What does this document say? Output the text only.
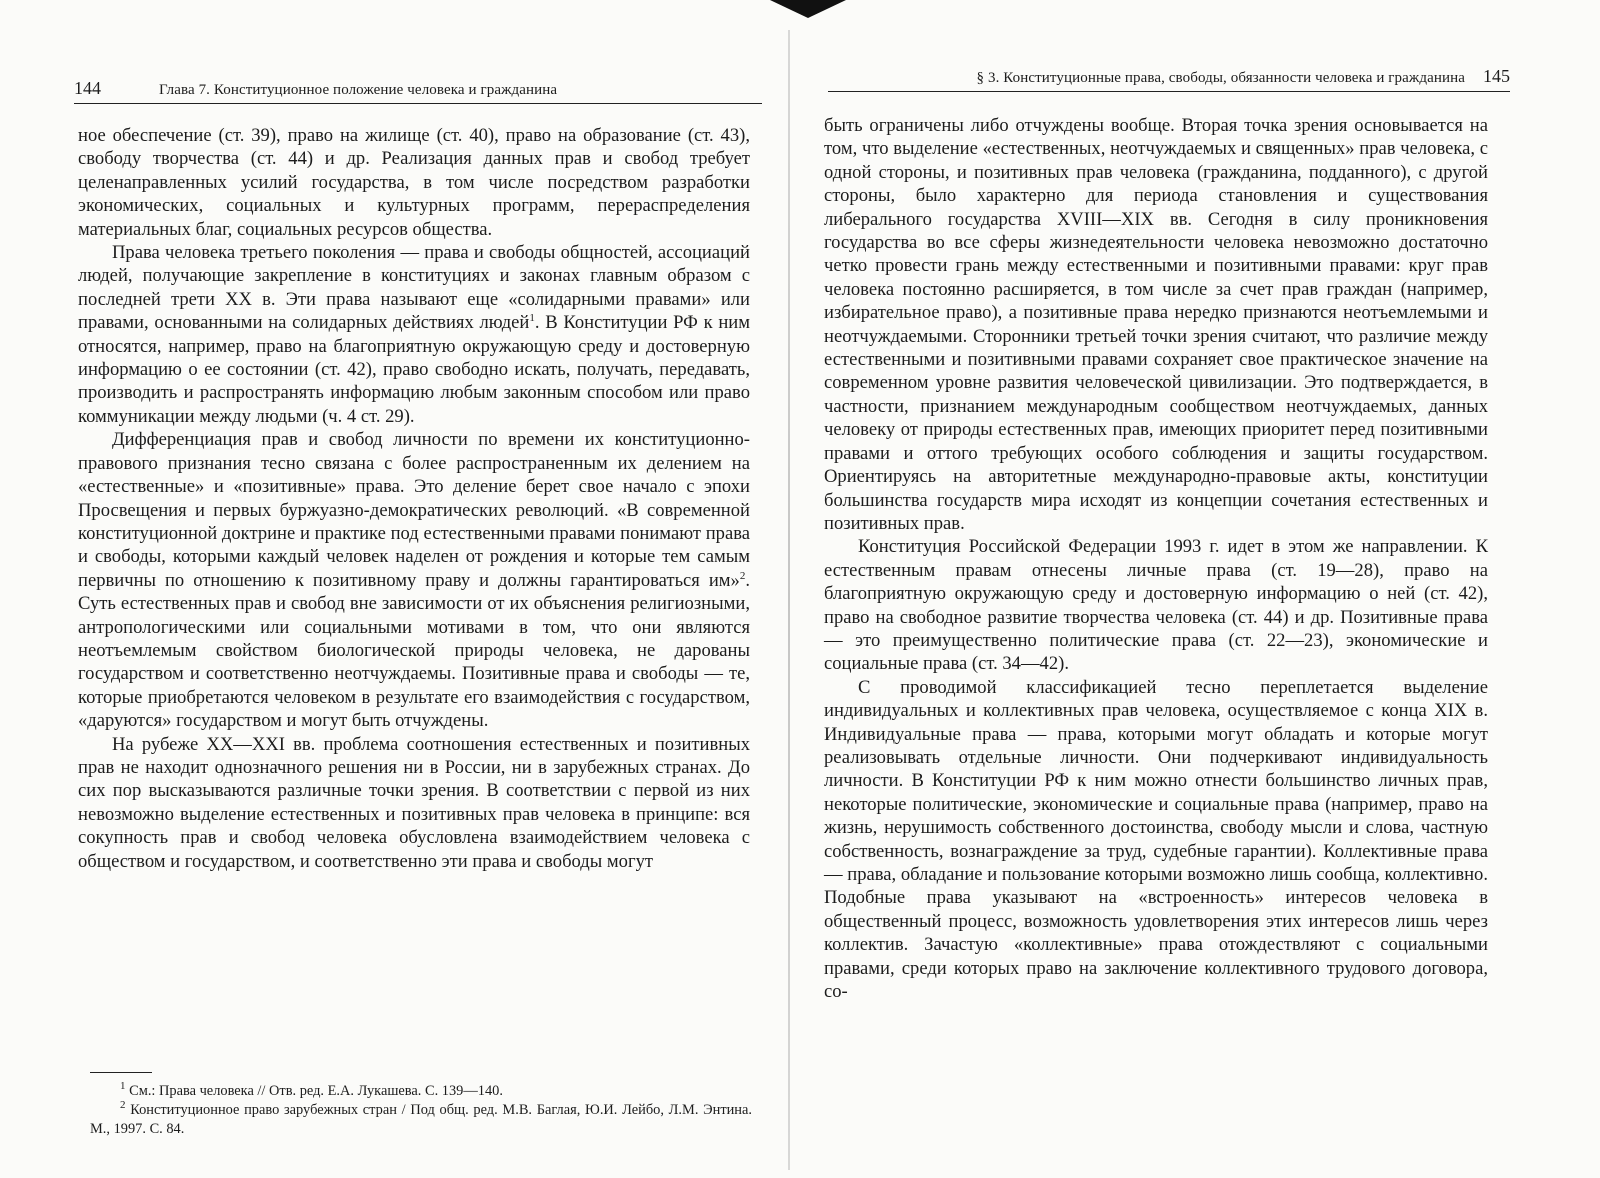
144	Глава 7. Конституционное положение человека и гражданина

ное обеспечение (ст. 39), право на жилище (ст. 40), право на образование (ст. 43), свободу творчества (ст. 44) и др. Реализация данных прав и свобод требует целенаправленных усилий государства, в том числе посредством разработки экономических, социальных и культурных программ, перераспределения материальных благ, социальных ресурсов общества.

Права человека третьего поколения — права и свободы общностей, ассоциаций людей, получающие закрепление в конституциях и законах главным образом с последней трети XX в. Эти права называют еще «солидарными правами» или правами, основанными на солидарных действиях людей$^1$. В Конституции РФ к ним относятся, например, право на благоприятную окружающую среду и достоверную информацию о ее состоянии (ст. 42), право свободно искать, получать, передавать, производить и распространять информацию любым законным способом или право коммуникации между людьми (ч. 4 ст. 29).

Дифференциация прав и свобод личности по времени их конституционно-правового признания тесно связана с более распространенным их делением на «естественные» и «позитивные» права. Это деление берет свое начало с эпохи Просвещения и первых буржуазно-демократических революций. «В современной конституционной доктрине и практике под естественными правами понимают права и свободы, которыми каждый человек наделен от рождения и которые тем самым первичны по отношению к позитивному праву и должны гарантироваться им»$^2$. Суть естественных прав и свобод вне зависимости от их объяснения религиозными, антропологическими или социальными мотивами в том, что они являются неотъемлемым свойством биологической природы человека, не дарованы государством и соответственно неотчуждаемы. Позитивные права и свободы — те, которые приобретаются человеком в результате его взаимодействия с государством, «даруются» государством и могут быть отчуждены.

На рубеже XX—XXI вв. проблема соотношения естественных и позитивных прав не находит однозначного решения ни в России, ни в зарубежных странах. До сих пор высказываются различные точки зрения. В соответствии с первой из них невозможно выделение естественных и позитивных прав человека в принципе: вся сокупность прав и свобод человека обусловлена взаимодействием человека с обществом и государством, и соответственно эти права и свободы могут

$^1$ См.: Права человека // Отв. ред. Е.А. Лукашева. С. 139—140.

$^2$ Конституционное право зарубежных стран / Под общ. ред. М.В. Баглая, Ю.И. Лейбо, Л.М. Энтина. М., 1997. С. 84.

§ 3. Конституционные права, свободы, обязанности человека и гражданина 145

быть ограничены либо отчуждены вообще. Вторая точка зрения основывается на том, что выделение «естественных, неотчуждаемых и священных» прав человека, с одной стороны, и позитивных прав человека (гражданина, подданного), с другой стороны, было характерно для периода становления и существования либерального государства XVIII—XIX вв. Сегодня в силу проникновения государства во все сферы жизнедеятельности человека невозможно достаточно четко провести грань между естественными и позитивными правами: круг прав человека постоянно расширяется, в том числе за счет прав граждан (например, избирательное право), а позитивные права нередко признаются неотъемлемыми и неотчуждаемыми. Сторонники третьей точки зрения считают, что различие между естественными и позитивными правами сохраняет свое практическое значение на современном уровне развития человеческой цивилизации. Это подтверждается, в частности, признанием международным сообществом неотчуждаемых, данных человеку от природы естественных прав, имеющих приоритет перед позитивными правами и оттого требующих особого соблюдения и защиты государством. Ориентируясь на авторитетные международно-правовые акты, конституции большинства государств мира исходят из концепции сочетания естественных и позитивных прав.

Конституция Российской Федерации 1993 г. идет в этом же направлении. К естественным правам отнесены личные права (ст. 19—28), право на благоприятную окружающую среду и достоверную информацию о ней (ст. 42), право на свободное развитие творчества человека (ст. 44) и др. Позитивные права — это преимущественно политические права (ст. 22—23), экономические и социальные права (ст. 34—42).

С проводимой классификацией тесно переплетается выделение индивидуальных и коллективных прав человека, осуществляемое с конца XIX в. Индивидуальные права — права, которыми могут обладать и которые могут реализовывать отдельные личности. Они подчеркивают индивидуальность личности. В Конституции РФ к ним можно отнести большинство личных прав, некоторые политические, экономические и социальные права (например, право на жизнь, нерушимость собственного достоинства, свободу мысли и слова, частную собственность, вознаграждение за труд, судебные гарантии). Коллективные права — права, обладание и пользование которыми возможно лишь сообща, коллективно. Подобные права указывают на «встроенность» интересов человека в общественный процесс, возможность удовлетворения этих интересов лишь через коллектив. Зачастую «коллективные» права отождествляют с социальными правами, среди которых право на заключение коллективного трудового договора, со-
